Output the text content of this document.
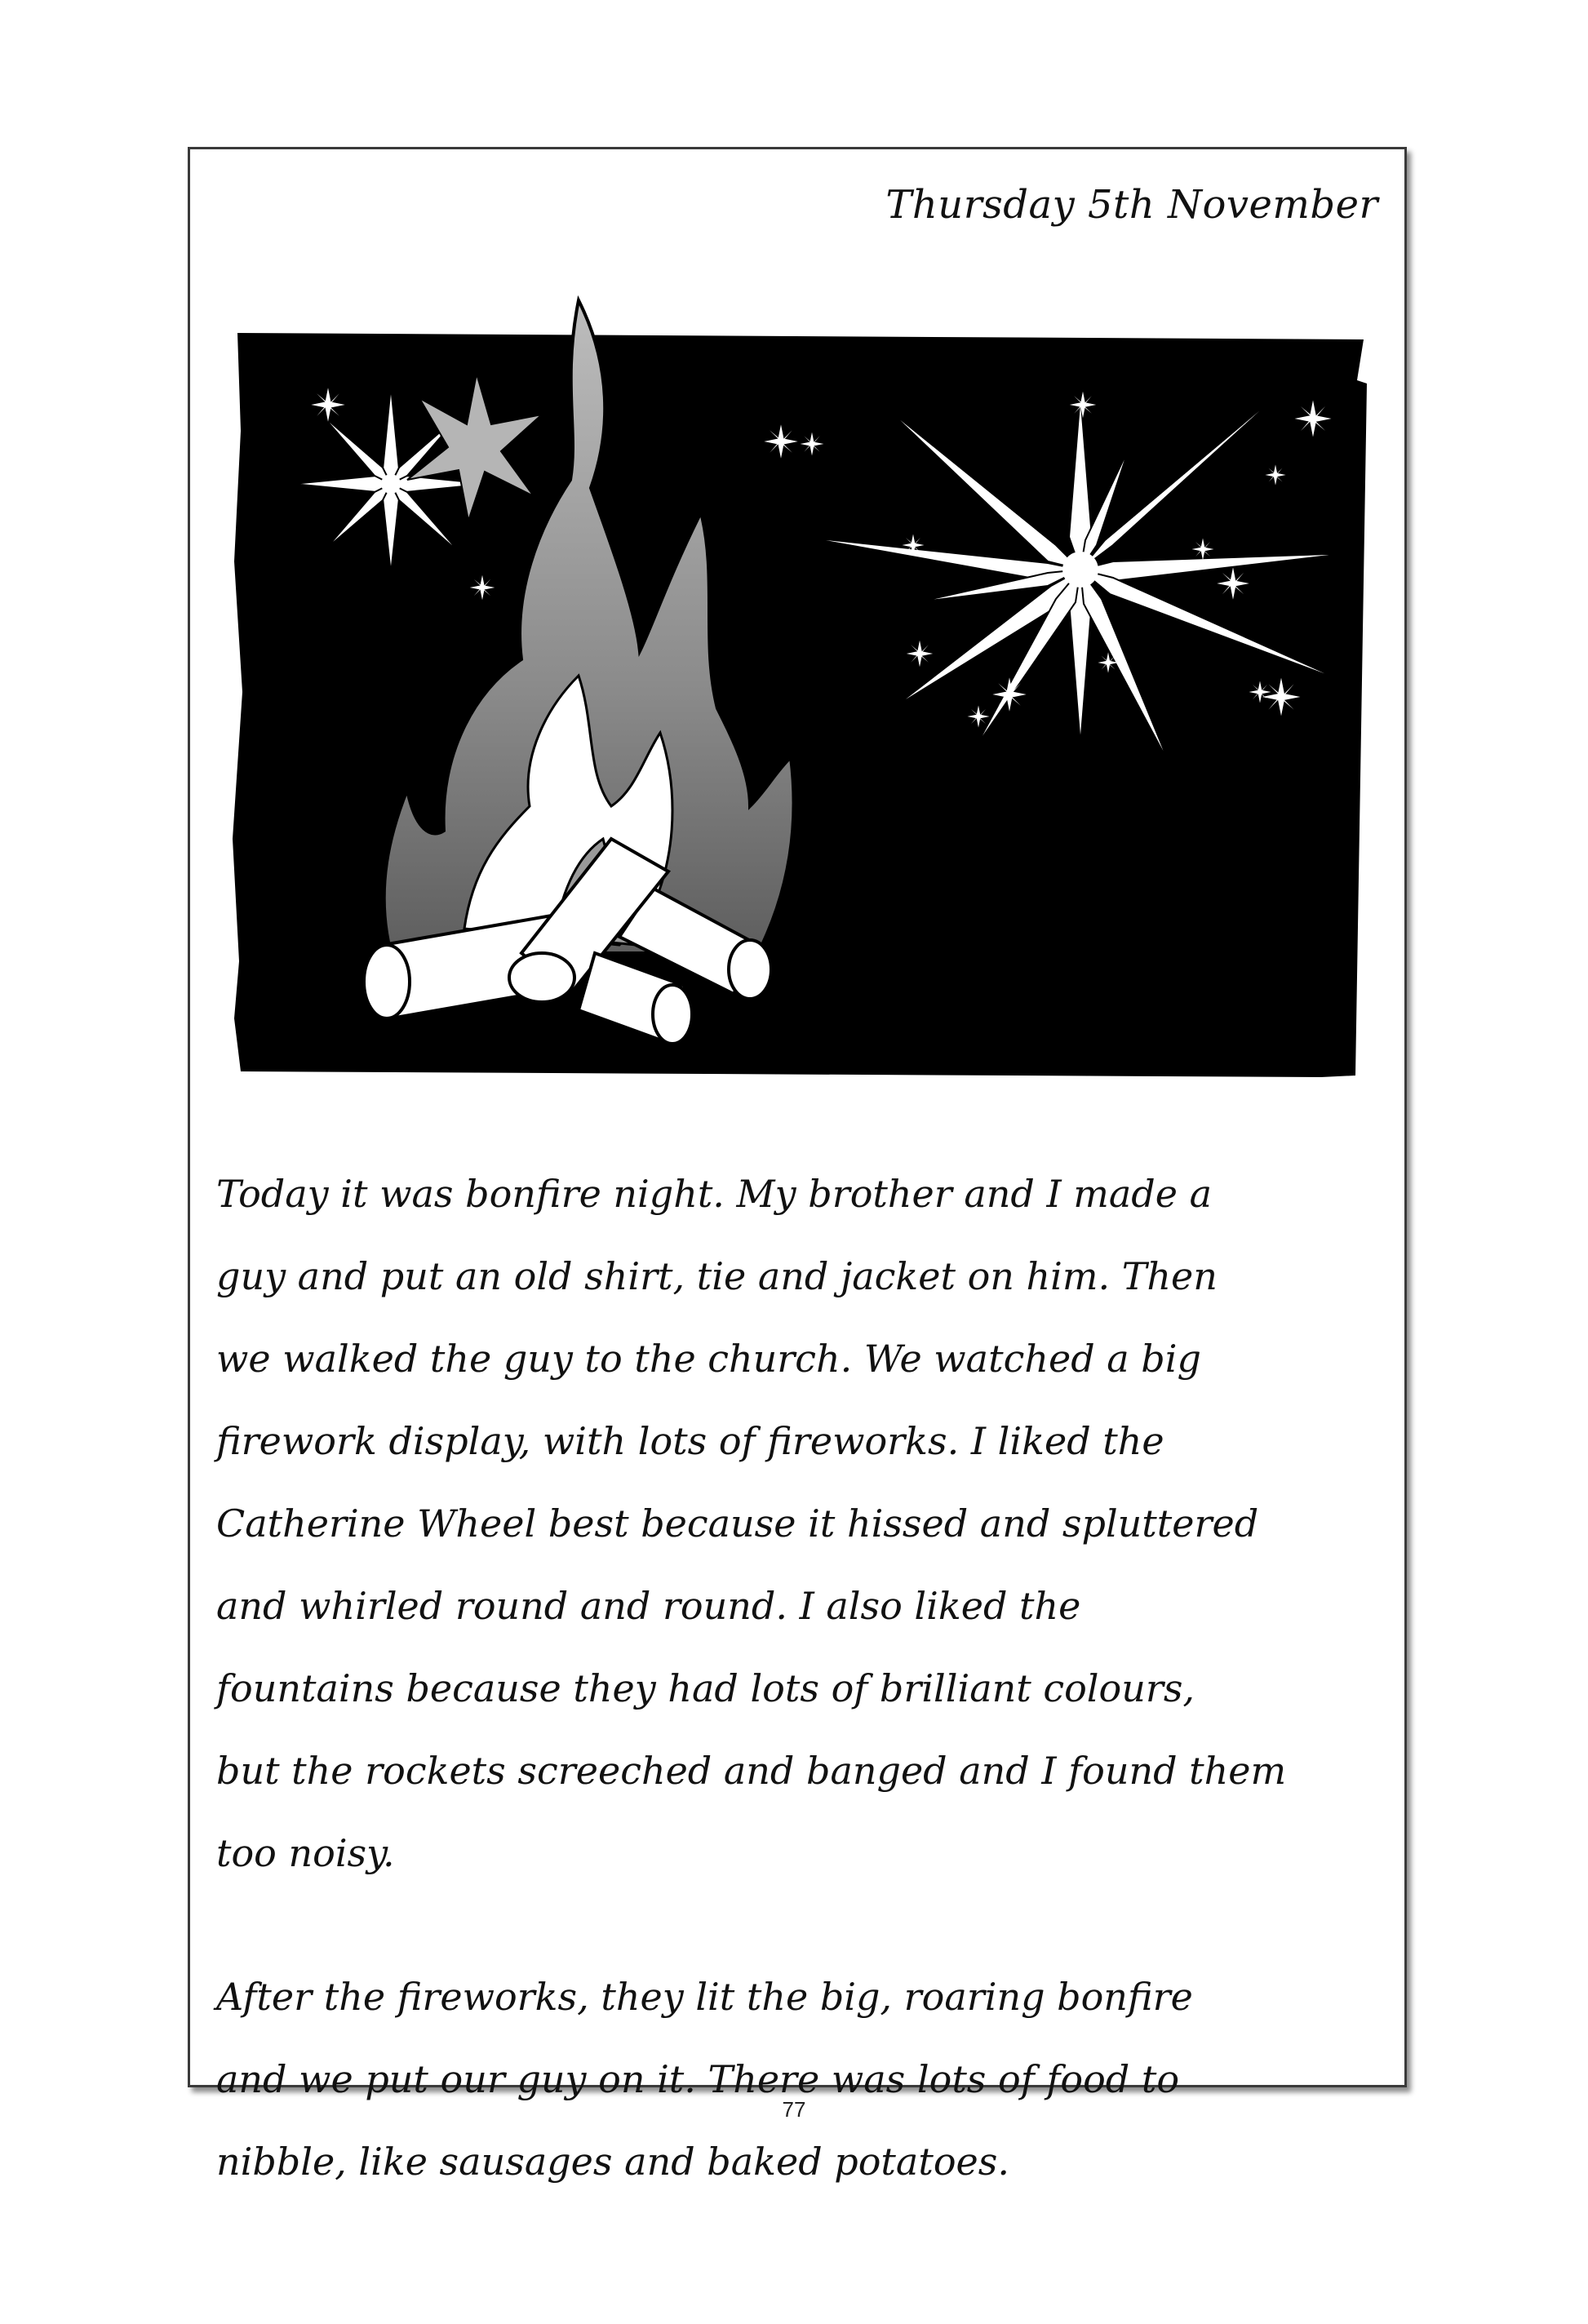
Thursday 5th November
Today it was bonfire night. My brother and I made a
guy and put an old shirt, tie and jacket on him. Then
we walked the guy to the church. We watched a big
firework display, with lots of fireworks. I liked the
Catherine Wheel best because it hissed and spluttered
and whirled round and round. I also liked the
fountains because they had lots of brilliant colours,
but the rockets screeched and banged and I found them
too noisy.
After the fireworks, they lit the big, roaring bonfire
and we put our guy on it. There was lots of food to
nibble, like sausages and baked potatoes.
77
